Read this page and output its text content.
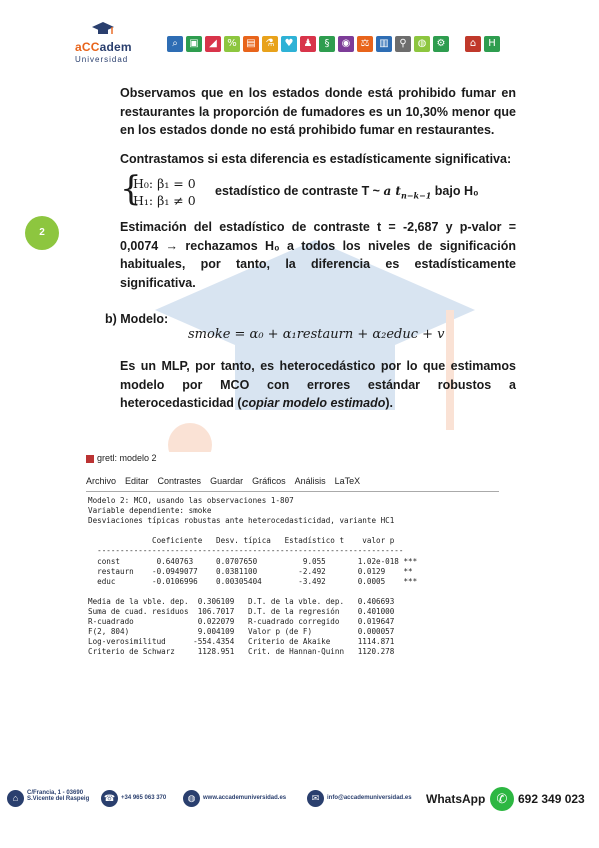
aCCadem
Universidad
⌕	▣	◢	% ▤ ⚗	♥	♟	§	◉	⚖ ▥	⚲	◍	⚙	⌂	H
2
Observamos que en los estados donde está prohibido fumar en restaurantes la proporción de fumadores es un 10,30% menor que en los estados donde no está prohibido fumar en restaurantes.
Contrastamos si esta diferencia es estadísticamente significativa:
{
H₀: β₁ = 0
H₁: β₁ ≠ 0
estadístico de contraste T ~ a $t_{n-k-1}$ bajo H₀
Estimación del estadístico de contraste t = -2,687 y p-valor = 0,0074 → rechazamos H₀ a todos los niveles de significación habituales, por tanto, la diferencia es estadísticamente significativa.
b) Modelo:
smoke = α₀ + α₁restaurn + α₂educ + v
Es un MLP, por tanto, es heterocedástico por lo que estimamos modelo por MCO con errores estándar robustos a heterocedasticidad (copiar modelo estimado).
gretl: modelo 2
Archivo Editar Contrastes Guardar Gráficos Análisis LaTeX
Modelo 2: MCO, usando las observaciones 1-807
Variable dependiente: smoke
Desviaciones típicas robustas ante heterocedasticidad, variante HC1

Coeficiente   Desv. típica   Estadístico t    valor p
-------------------------------------------------------------------
const        0.640763     0.0707650          9.055       1.02e-018 ***
restaurn    -0.0949077    0.0381100         -2.492       0.0129    **
educ        -0.0106996    0.00305404        -3.492       0.0005    ***

Media de la vble. dep.  0.306109   D.T. de la vble. dep.   0.406693
Suma de cuad. residuos  106.7017   D.T. de la regresión    0.401000
R-cuadrado              0.022079   R-cuadrado corregido    0.019647
F(2, 804)               9.004109   Valor p (de F)          0.000057
Log-verosimilitud      -554.4354   Criterio de Akaike      1114.871
Criterio de Schwarz     1128.951   Crit. de Hannan-Quinn   1120.278
⌂	C/Francia, 1 - 03690
S.Vicente del Raspeig	☎ +34 965 063 370	◍	www.accademuniversidad.es	✉	info@accademuniversidad.es WhatsApp ✆ 692 349 023
